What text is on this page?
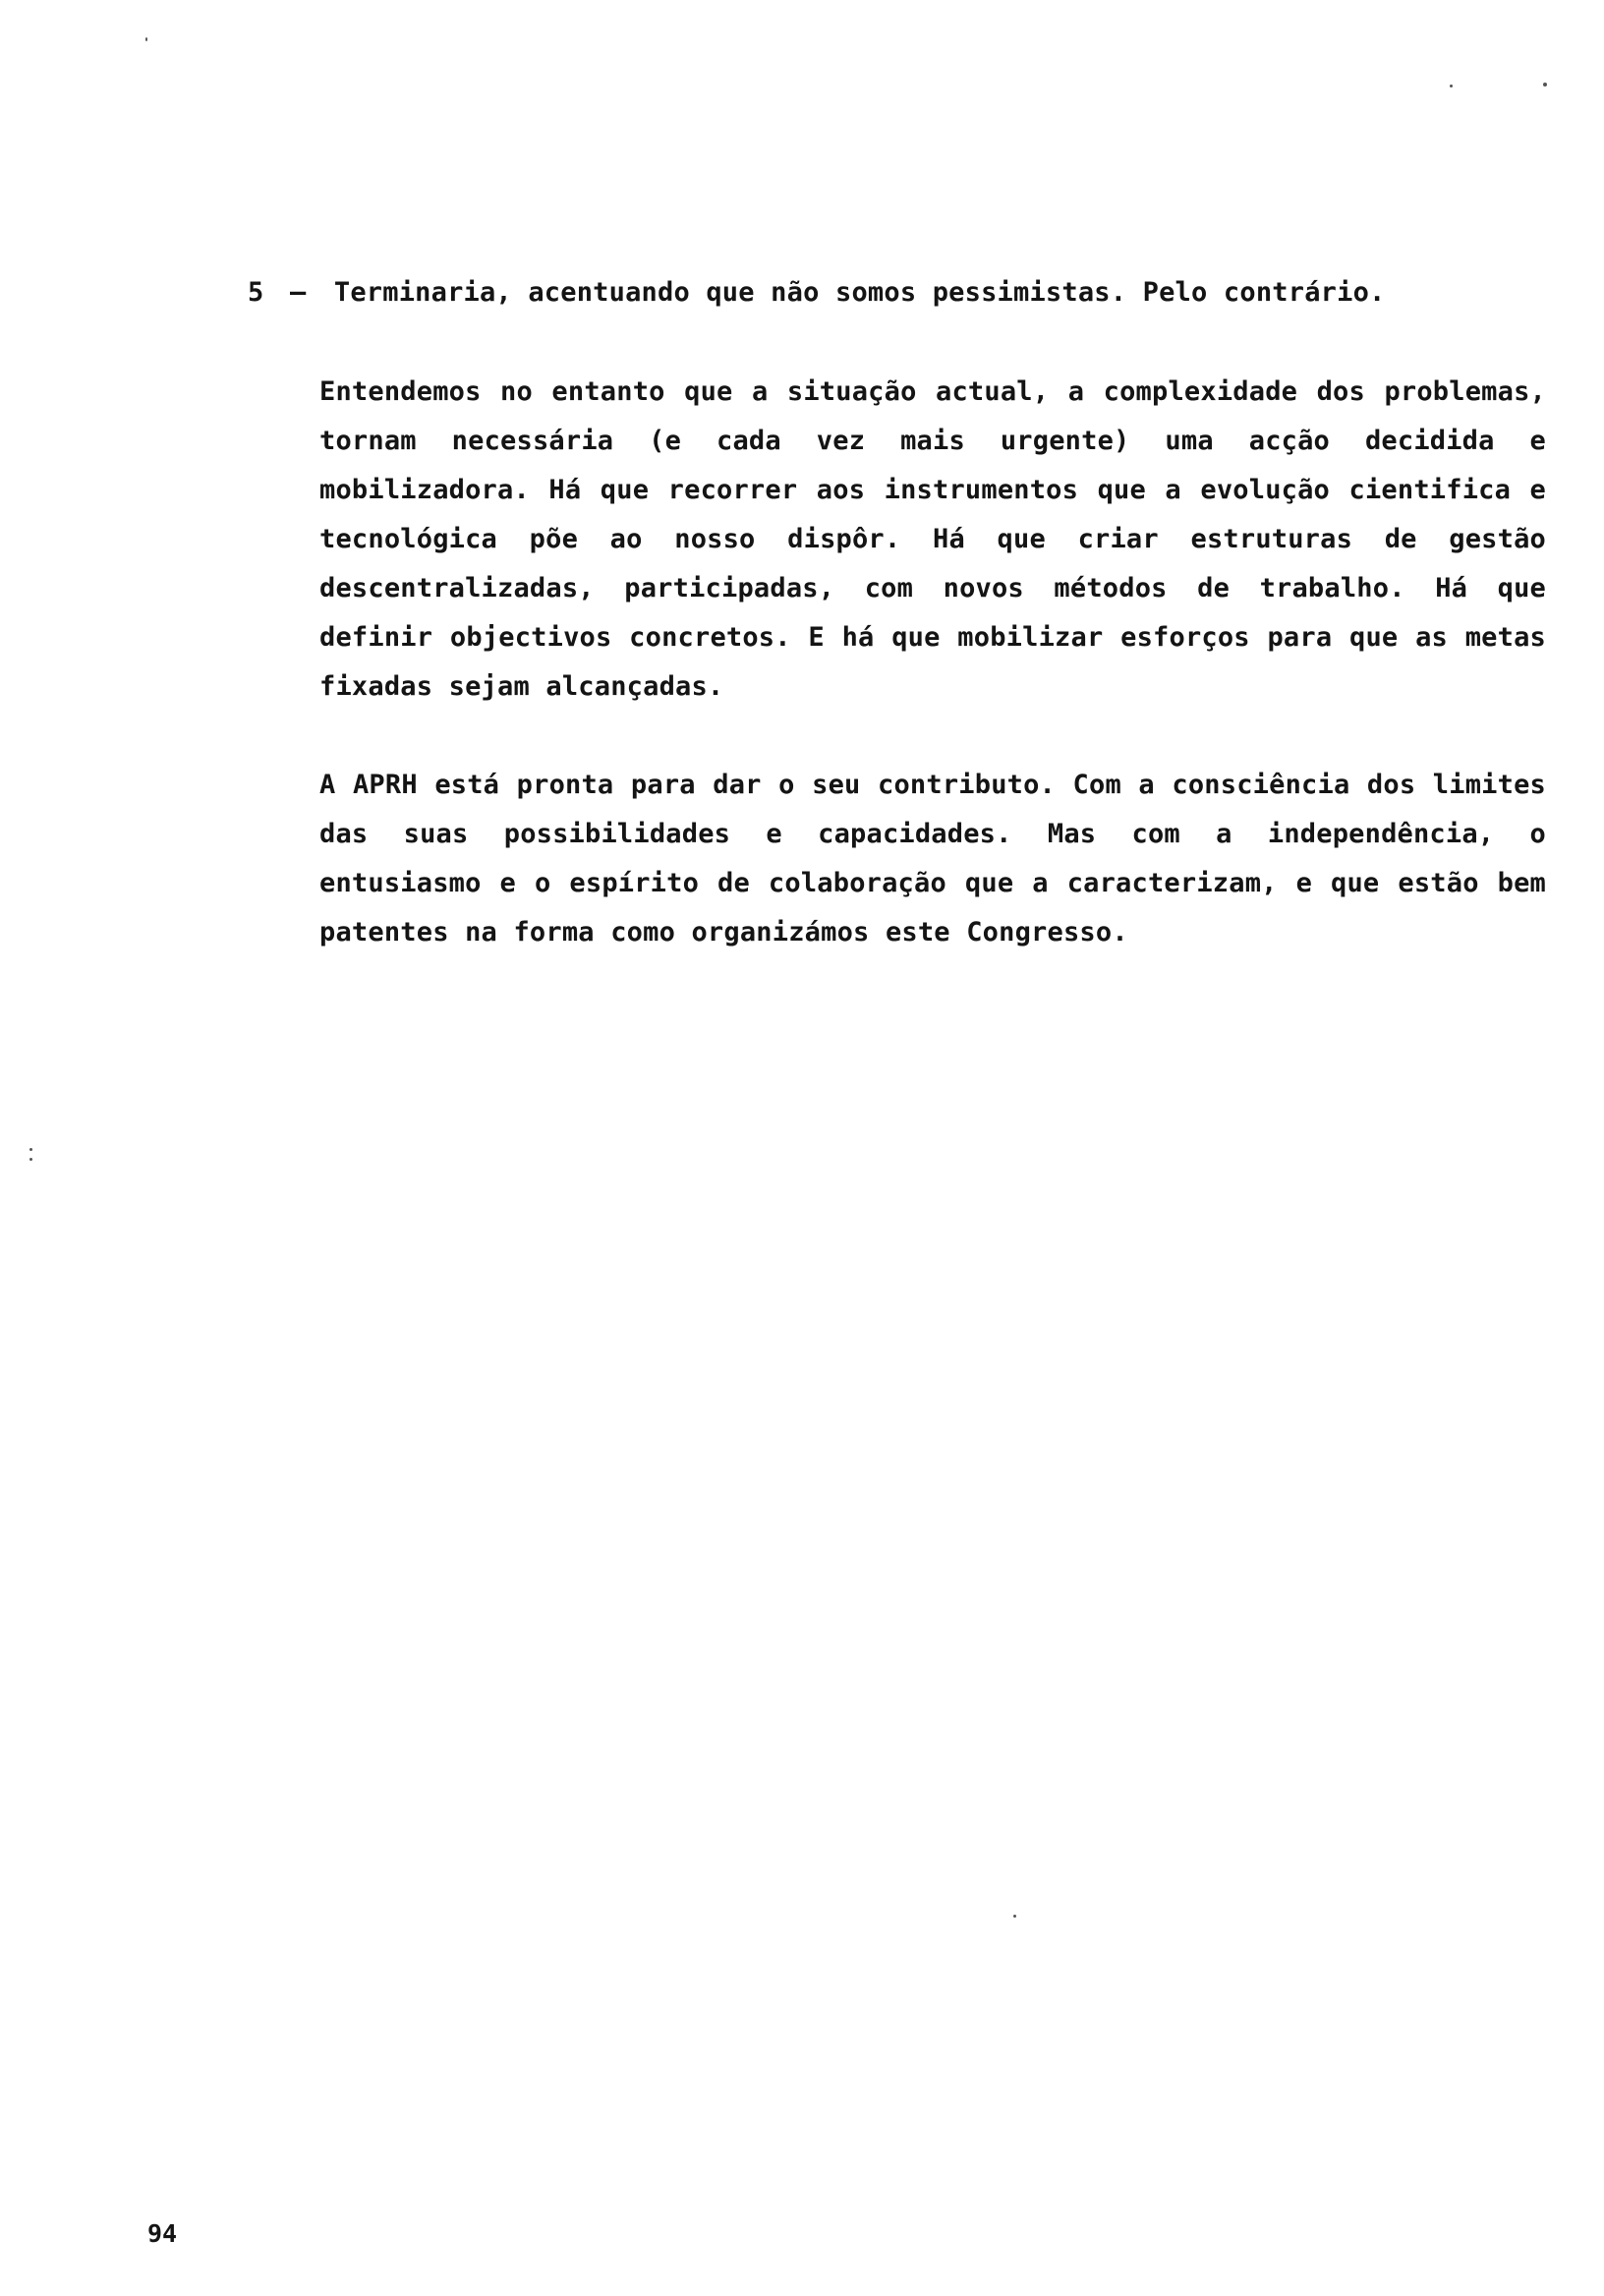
5 – Terminaria, acentuando que não somos pessimistas. Pelo contrário.

Entendemos no entanto que a situação actual, a complexidade dos problemas, tornam necessária (e cada vez mais urgente) uma acção decidida e mobilizadora. Há que recorrer aos instrumentos que a evolução cientifica e tecnológica põe ao nosso dispôr. Há que criar estruturas de gestão descentralizadas, participadas, com novos métodos de trabalho. Há que definir objectivos concretos. E há que mobilizar esforços para que as metas fixadas sejam alcançadas.

A APRH está pronta para dar o seu contributo. Com a consciência dos limites das suas possibilidades e capacidades. Mas com a independência, o entusiasmo e o espírito de colaboração que a caracterizam, e que estão bem patentes na forma como organizámos este Congresso.

94
